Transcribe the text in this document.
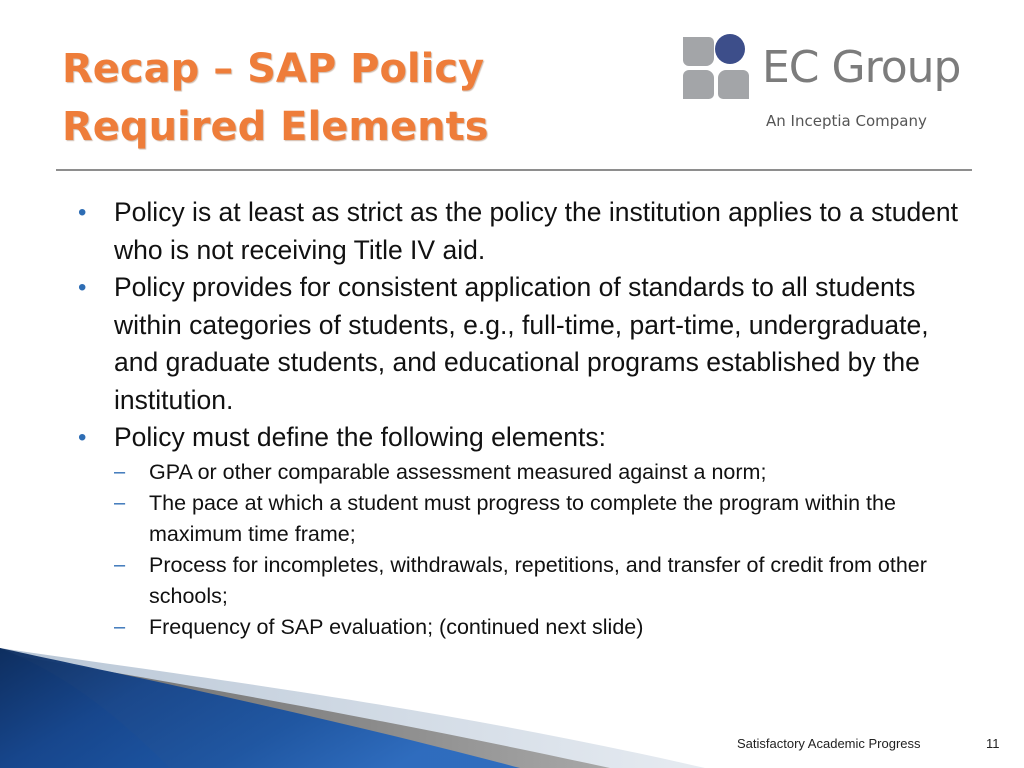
Recap – SAP Policy
Required Elements
EC Group
An Inceptia Company
• Policy is at least as strict as the policy the institution applies to a student who is not receiving Title IV aid.
• Policy provides for consistent application of standards to all students within categories of students, e.g., full-time, part-time, undergraduate, and graduate students, and educational programs established by the institution.
• Policy must define the following elements:
– GPA or other comparable assessment measured against a norm;
– The pace at which a student must progress to complete the program within the maximum time frame;
– Process for incompletes, withdrawals, repetitions, and transfer of credit from other schools;
– Frequency of SAP evaluation; (continued next slide)
Satisfactory Academic Progress	11
